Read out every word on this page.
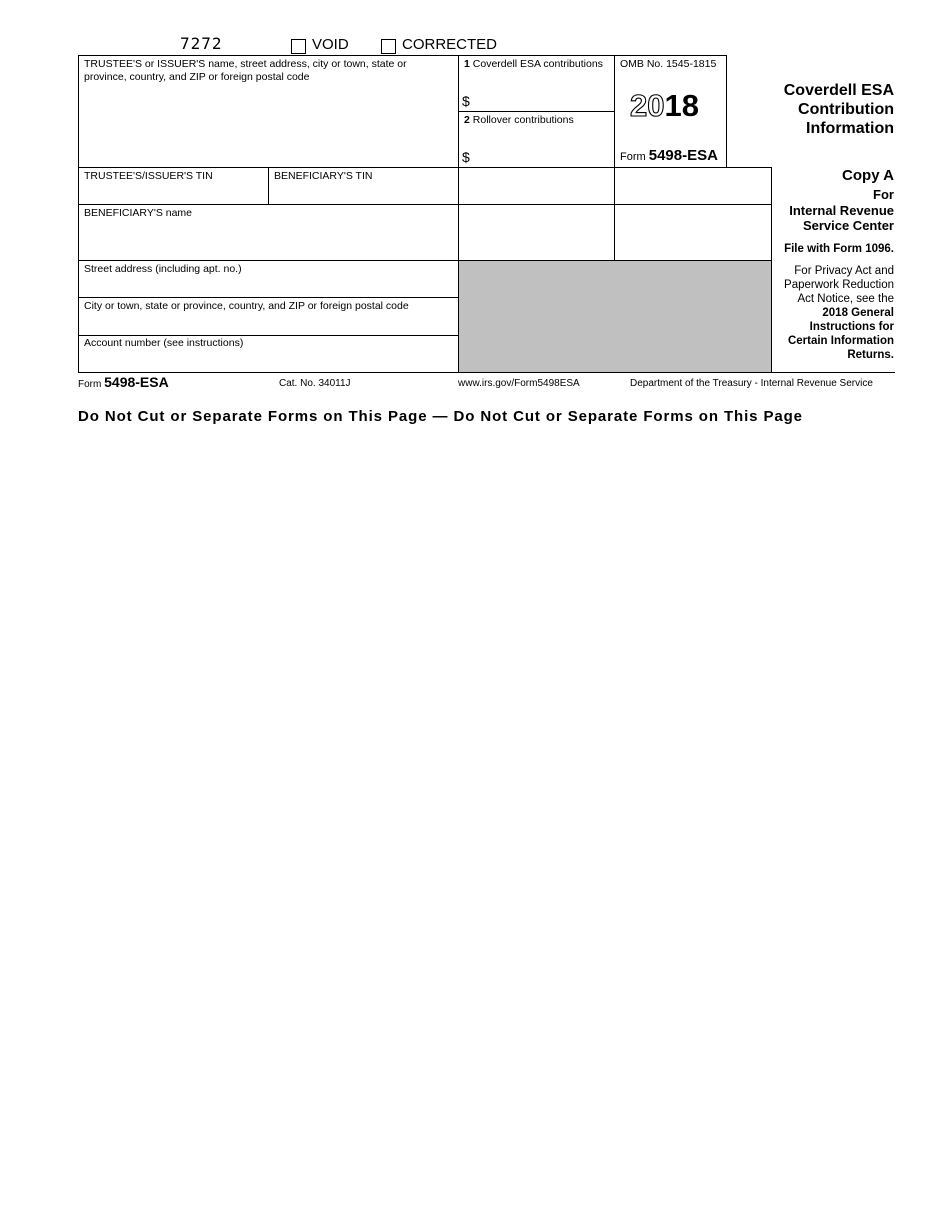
7272	VOID	CORRECTED
TRUSTEE'S or ISSUER'S name, street address, city or town, state or province, country, and ZIP or foreign postal code
1 Coverdell ESA contributions
$
2 Rollover contributions
$
OMB No. 1545-1815
2018
Form 5498-ESA
Coverdell ESA
Contribution
Information
TRUSTEE'S/ISSUER'S TIN	BENEFICIARY'S TIN
BENEFICIARY'S name
Street address (including apt. no.)
City or town, state or province, country, and ZIP or foreign postal code
Account number (see instructions)
Copy A
For
Internal Revenue
Service Center
File with Form 1096.
For Privacy Act and
Paperwork Reduction
Act Notice, see the
2018 General
Instructions for
Certain Information
Returns.
Form 5498-ESA	Cat. No. 34011J	www.irs.gov/Form5498ESA	Department of the Treasury - Internal Revenue Service
Do Not Cut or Separate Forms on This Page — Do Not Cut or Separate Forms on This Page
